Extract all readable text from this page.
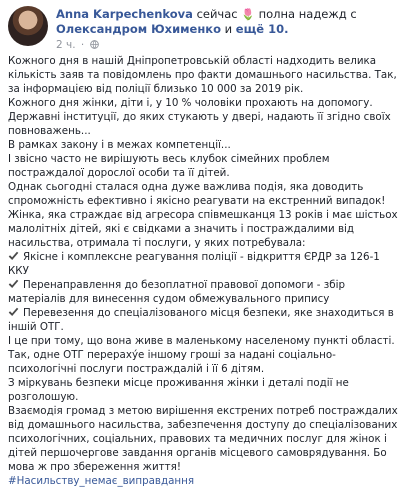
Anna Karpechenkova сейчас 🌷 полна надежд с Олександром Юхименко и ещё 10.
2 ч. ·

Кожного дня в нашій Дніпропетровській області надходить велика кількість заяв та повідомлень про факти домашнього насильства. Так, за інформацією від поліції близько 10 000 за 2019 рік.

Кожного дня жінки, діти і, у 10 % чоловіки прохають на допомогу. Державні інституції, до яких стукають у двері, надають її згідно своїх повноважень...

В рамках закону і в межах компетенції...

І звісно часто не вирішують весь клубок сімейних проблем постраждалої дорослої особи та її дітей.

Однак сьогодні сталася одна дуже важлива подія, яка доводить спроможність ефективно і якісно реагувати на екстренний випадок!

Жінка, яка страждає від агресора співмешканця 13 років і має шістьох малолітніх дітей, які є свідками а значить і постраждалими від насильства, отримала ті послуги, у яких потребувала:

Якісне і комплексне реагування поліції - відкриття ЄРДР за 126-1 ККУ

Перенаправлення до безоплатної правової допомоги - збір матеріалів для винесення судом обмежувального припису

Перевезення до спеціалізованого місця безпеки, яке знаходиться в іншій ОТГ.

І це при тому, що вона живе в маленькому населеному пункті області. Так, одне ОТГ перераху́е іншому гроші за надані соціально-психологічні послуги постраждалій і її 6 дітям.

З міркувань безпеки місце проживання жінки і деталі події не розголошую.

Взаємодія громад з метою вирішення екстрених потреб постраждалих від домашнього насильства, забезпечення доступу до спеціалізованих психологічних, соціальних, правових та медичних послуг для жінок і дітей першочергове завдання органів місцевого самоврядування. Бо мова ж про збереження життя!

#Насильству_немає_виправдання
